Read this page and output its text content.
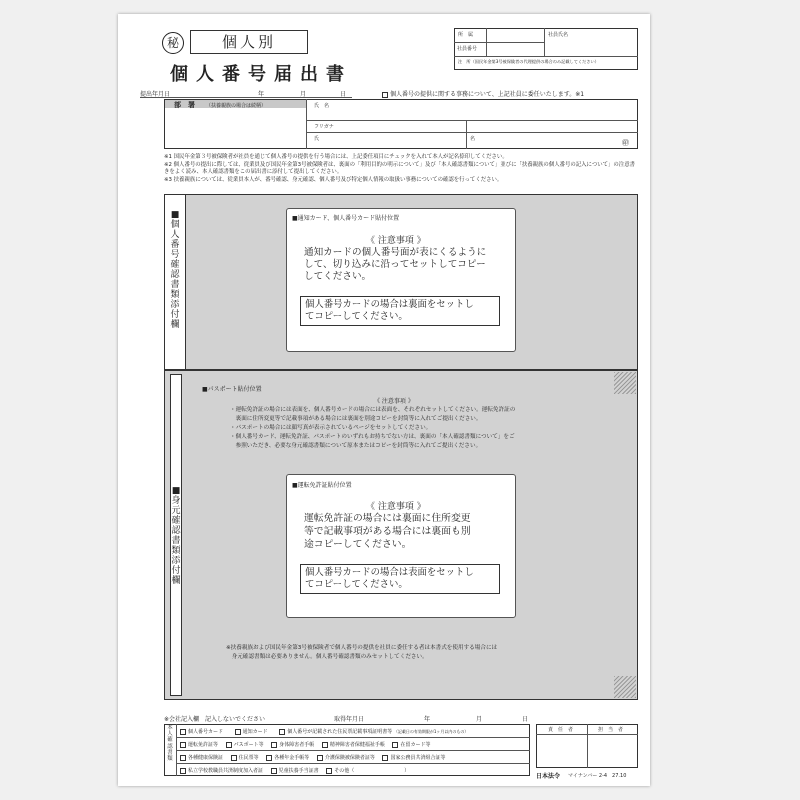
秘	個人別
個人番号届出書
所　属
社員番号
社員氏名
注　所（国民年金第3号被保険者の代理提供の場合のみ記載してください）
提出年月日	年	月	日	個人番号の提供に関する事務について、上記社員に委任いたします。※1
部　署 （扶養親族の場合は続柄）	氏　名
フリガナ
氏	名	㊞
※1 国民年金第３号被保険者が社員を通じて個人番号の提供を行う場合には、上記委任項目にチェックを入れて本人が記名捺印してください。
※2 個人番号の提出に際しては、従業員及び国民年金第3号被保険者は、裏面の「利用目的の明示について」及び「本人確認書類について」並びに「扶養親族の個人番号の記入について」の注意書きをよく読み、本人確認書類をこの届出書に添付して提出してください。
※3 扶養親族については、従業員本人が、番号確認、身元確認、個人番号及び特定個人情報の取扱い事務についての確認を行ってください。
■個人番号確認書類添付欄
■通知カード、個人番号カード貼付位置
《 注意事項 》
通知カードの個人番号面が表にくるように
して、切り込みに沿ってセットしてコピー
してください。
個人番号カードの場合は裏面をセットし
てコピーしてください。
■身元確認書類添付欄
■パスポート貼付位置
《 注意事項 》
・運転免許証の場合には表面を、個人番号カードの場合には表面を、それぞれセットしてください。運転免許証の
　裏面に住所変更等で記載事項がある場合には裏面を別途コピーを封筒等に入れてご提出ください。
・パスポートの場合には顔写真が表示されているページをセットしてください。
・個人番号カード、運転免許証、パスポートのいずれもお持ちでない方は、裏面の「本人確認書類について」をご
　参照いただき、必要な身元確認書類について原本またはコピーを封筒等に入れてご提出ください。
■運転免許証貼付位置
《 注意事項 》
運転免許証の場合には裏面に住所変更
等で記載事項がある場合には裏面も別
途コピーしてください。
個人番号カードの場合は表面をセットし
てコピーしてください。
※扶養親族および国民年金第3号被保険者で個人番号の提供を社員に委任する者は本書式を使用する場合には
　身元確認書類は必要ありません。個人番号確認書類のみセットしてください。
※会社記入欄　記入しないでください	取得年月日	年	月	日
本人確認書類
個人番号カード	通知カード	個人番号が記載された住民票記載事項証明書等 （記載日の有効期限が1ヶ月以内のもの）
運転免許証等	パスポート等	身体障害者手帳	精神障害者保健福祉手帳	在留カード等
各種健康保険証	住民票等	各種年金手帳等	介護保険被保険者証等	国家公務員共済組合証等
私立学校教職員共済制度加入者証	児童扶養手当証書	その他（　　　　　　　　　　）
責　任　者	担　当　者
日本法令 マイナンバー 2-4　27.10
